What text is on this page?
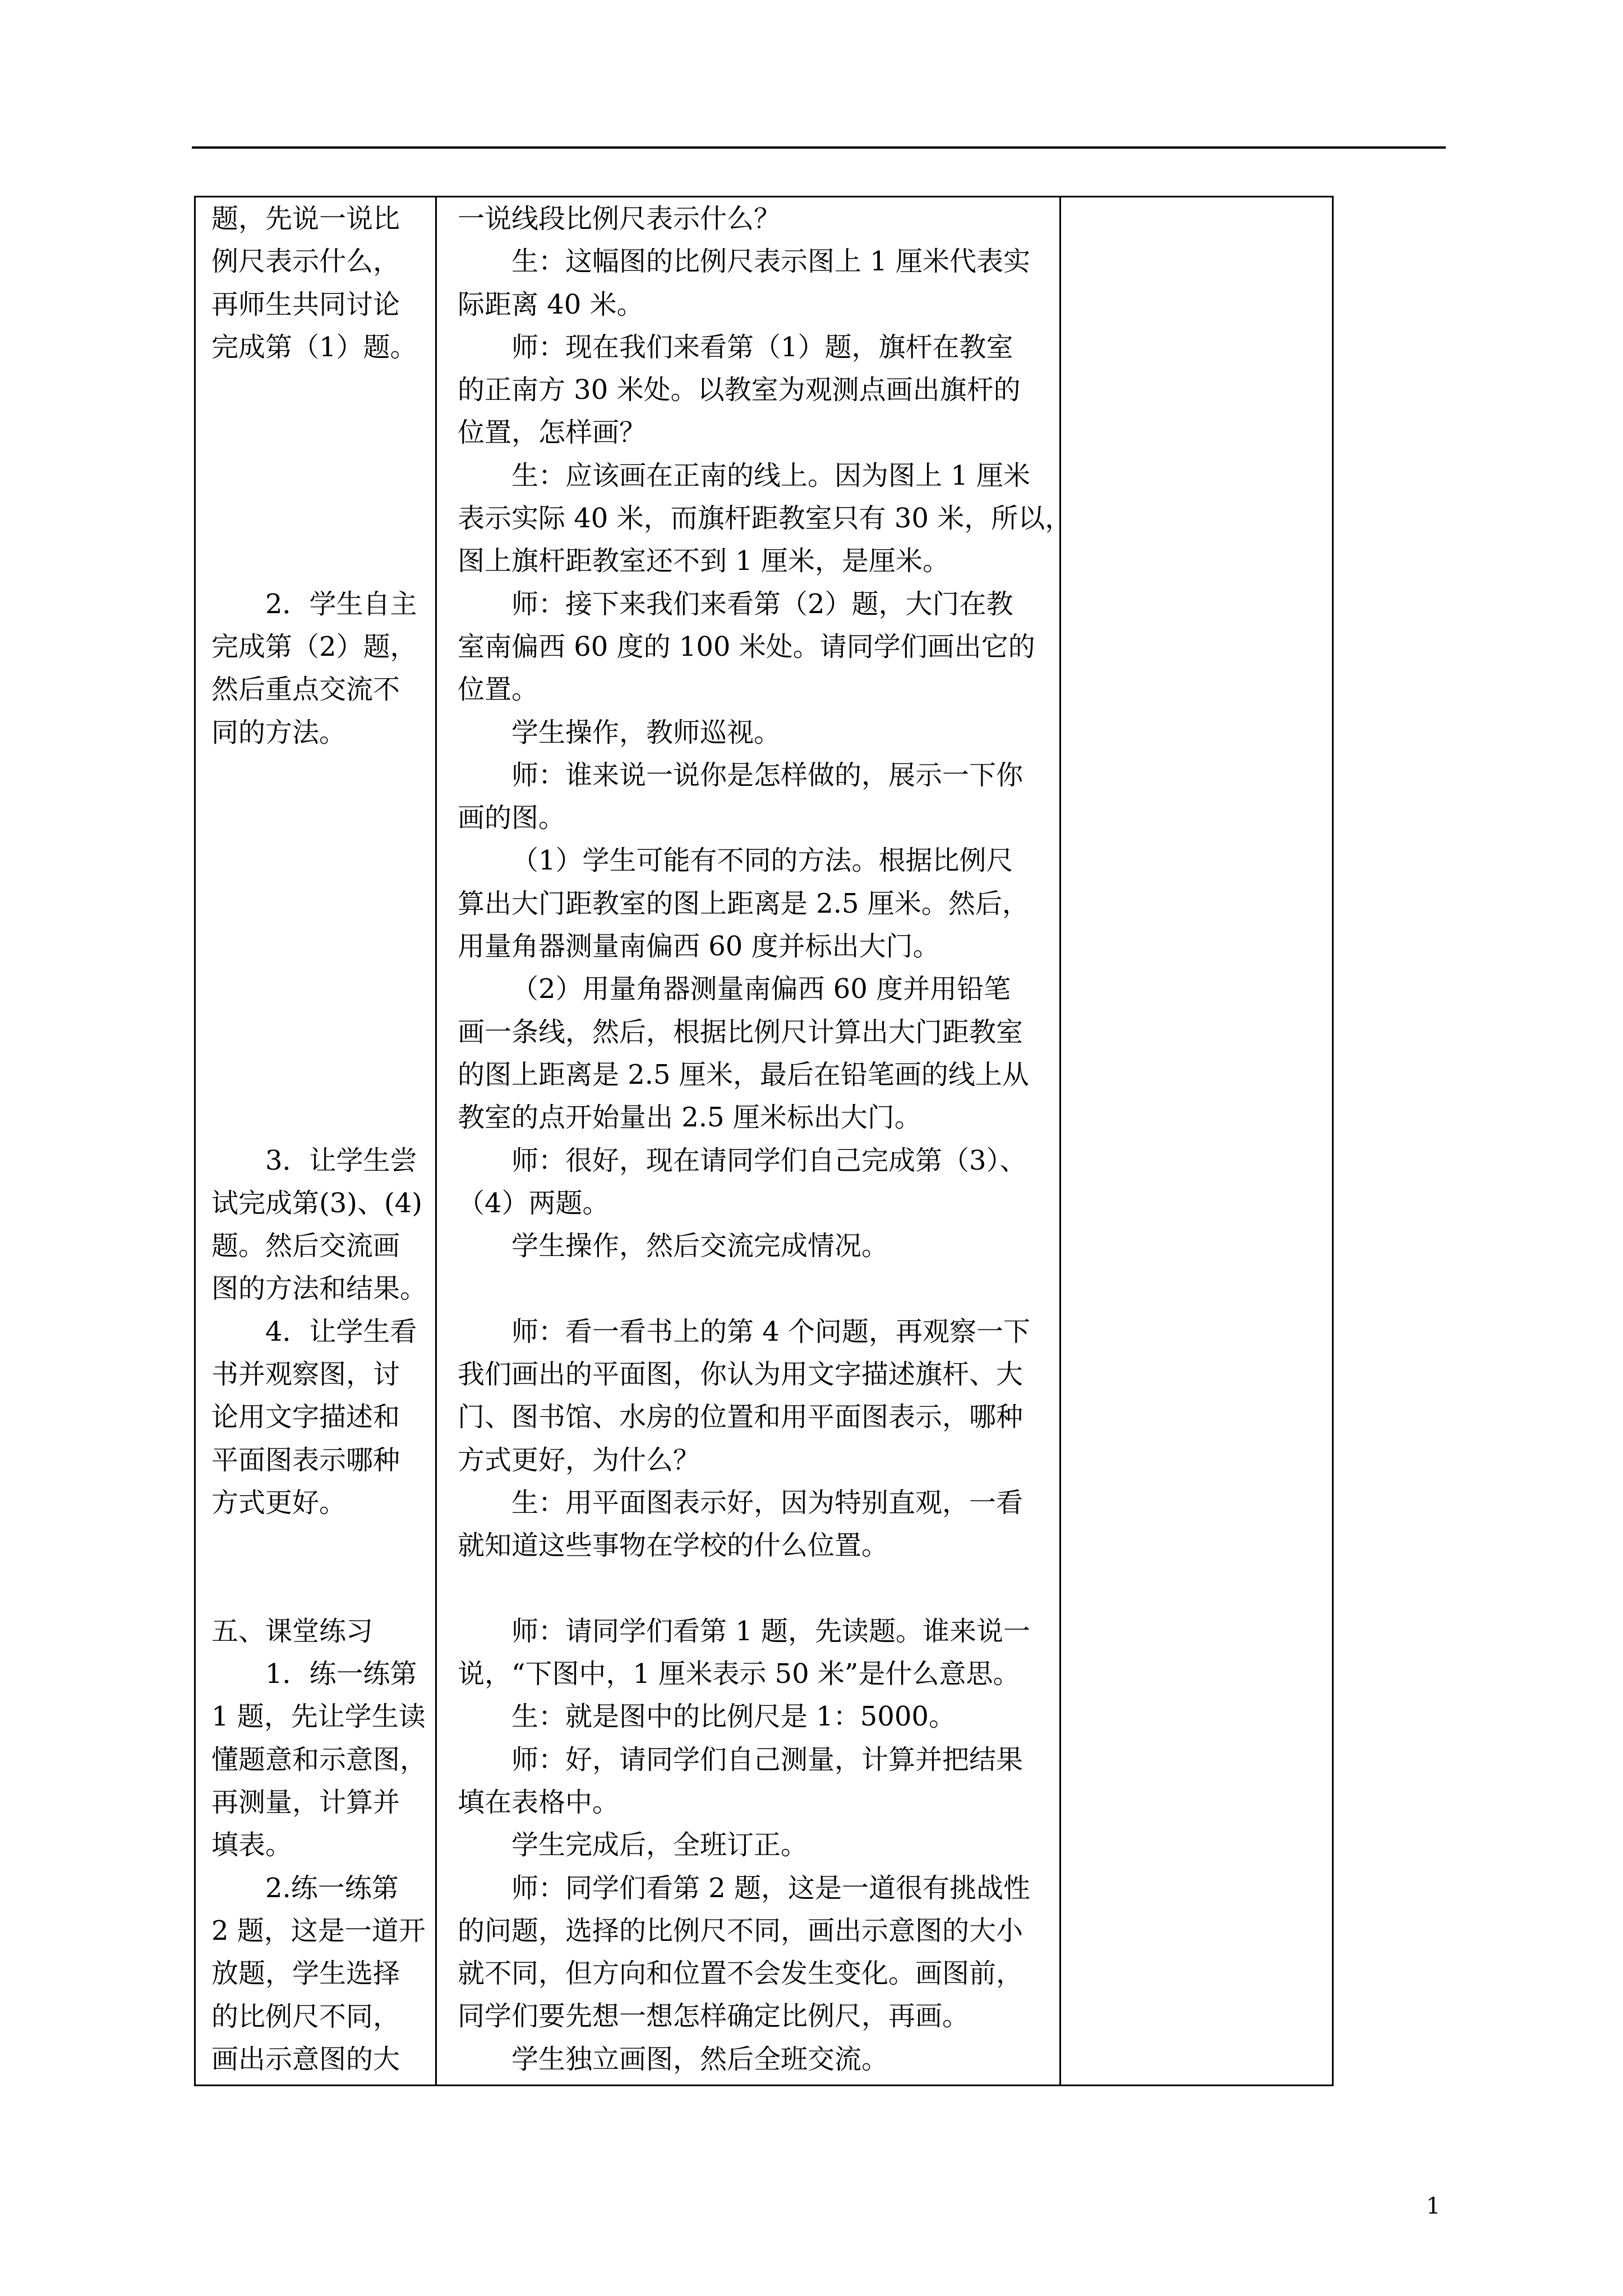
题，先说一说比
例尺表示什么，
再师生共同讨论
完成第（1）题。
2．学生自主
完成第（2）题，
然后重点交流不
同的方法。
3．让学生尝
试完成第(3)、(4)
题。然后交流画
图的方法和结果。
4．让学生看
书并观察图，讨
论用文字描述和
平面图表示哪种
方式更好。
五、课堂练习
1．练一练第
1 题，先让学生读
懂题意和示意图，
再测量，计算并
填表。
2.练一练第
2 题，这是一道开
放题，学生选择
的比例尺不同，
画出示意图的大
一说线段比例尺表示什么？
生：这幅图的比例尺表示图上 1 厘米代表实
际距离 40 米。
师：现在我们来看第（1）题，旗杆在教室
的正南方 30 米处。以教室为观测点画出旗杆的
位置，怎样画？
生：应该画在正南的线上。因为图上 1 厘米
表示实际 40 米，而旗杆距教室只有 30 米，所以，
图上旗杆距教室还不到 1 厘米，是厘米。
师：接下来我们来看第（2）题，大门在教
室南偏西 60 度的 100 米处。请同学们画出它的
位置。
学生操作，教师巡视。
师：谁来说一说你是怎样做的，展示一下你
画的图。
（1）学生可能有不同的方法。根据比例尺
算出大门距教室的图上距离是 2.5 厘米。然后，
用量角器测量南偏西 60 度并标出大门。
（2）用量角器测量南偏西 60 度并用铅笔
画一条线，然后，根据比例尺计算出大门距教室
的图上距离是 2.5 厘米，最后在铅笔画的线上从
教室的点开始量出 2.5 厘米标出大门。
师：很好，现在请同学们自己完成第（3）、
（4）两题。
学生操作，然后交流完成情况。
师：看一看书上的第 4 个问题，再观察一下
我们画出的平面图，你认为用文字描述旗杆、大
门、图书馆、水房的位置和用平面图表示，哪种
方式更好，为什么？
生：用平面图表示好，因为特别直观，一看
就知道这些事物在学校的什么位置。
师：请同学们看第 1 题，先读题。谁来说一
说，“下图中，1 厘米表示 50 米”是什么意思。
生：就是图中的比例尺是 1：5000。
师：好，请同学们自己测量，计算并把结果
填在表格中。
学生完成后，全班订正。
师：同学们看第 2 题，这是一道很有挑战性
的问题，选择的比例尺不同，画出示意图的大小
就不同，但方向和位置不会发生变化。画图前，
同学们要先想一想怎样确定比例尺，再画。
学生独立画图，然后全班交流。
1
